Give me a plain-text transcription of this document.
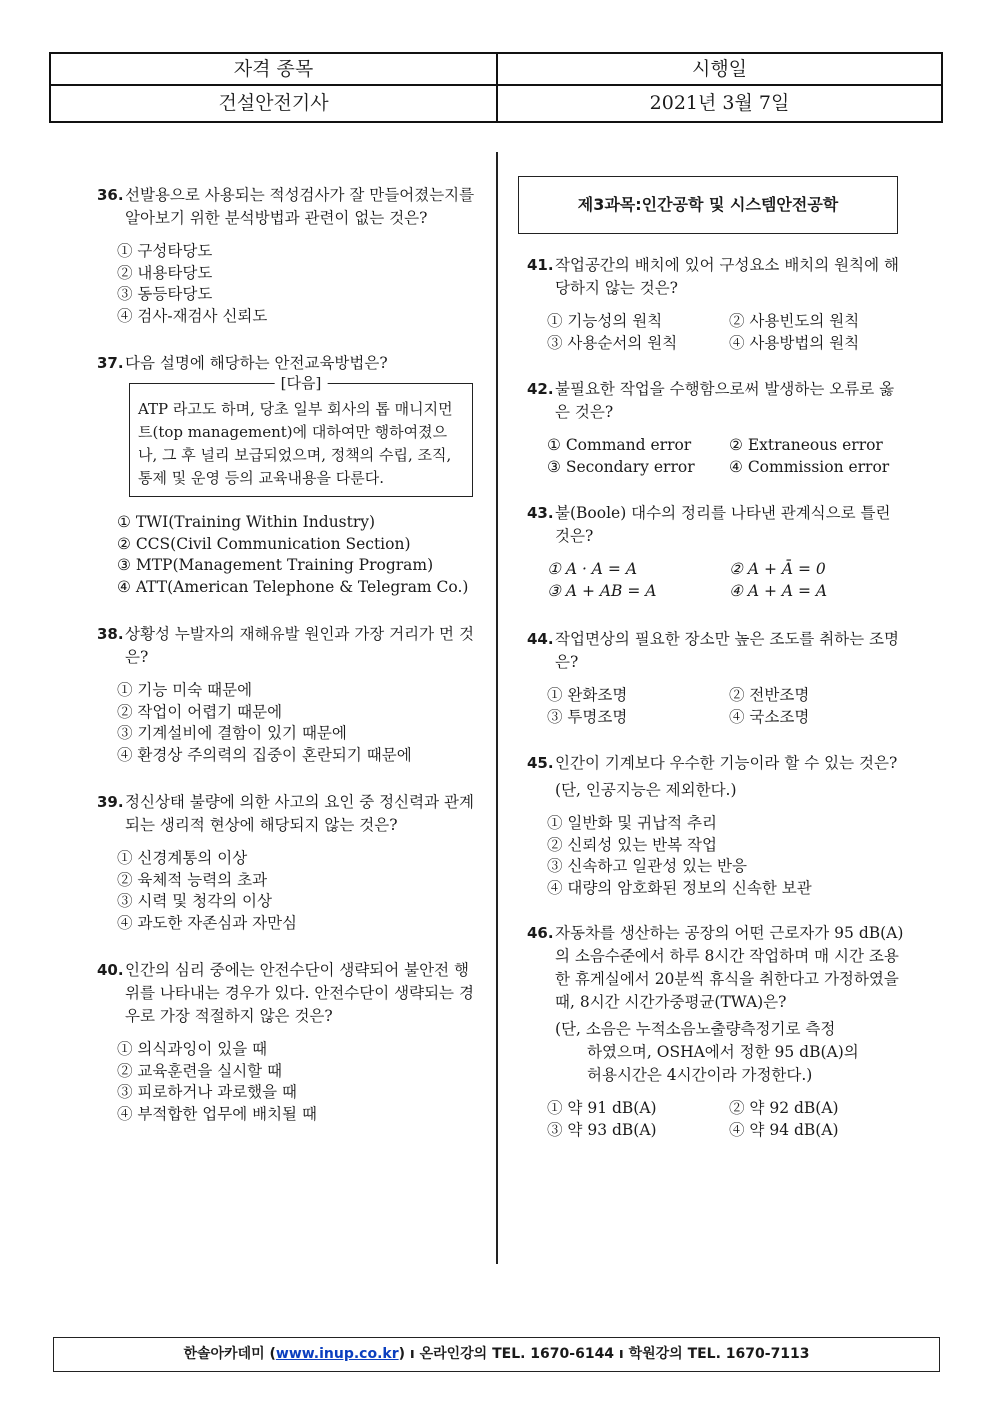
자격 종목	시행일
건설안전기사	2021년 3월 7일
36. 선발용으로 사용되는 적성검사가 잘 만들어졌는지를 알아보기 위한 분석방법과 관련이 없는 것은?
① 구성타당도
② 내용타당도
③ 동등타당도
④ 검사-재검사 신뢰도
37. 다음 설명에 해당하는 안전교육방법은?
[다음]
ATP 라고도 하며, 당초 일부 회사의 톱 매니지먼트(top management)에 대하여만 행하여졌으나, 그 후 널리 보급되었으며, 정책의 수립, 조직, 통제 및 운영 등의 교육내용을 다룬다.
① TWI(Training Within Industry)
② CCS(Civil Communication Section)
③ MTP(Management Training Program)
④ ATT(American Telephone & Telegram Co.)
38. 상황성 누발자의 재해유발 원인과 가장 거리가 먼 것은?
① 기능 미숙 때문에
② 작업이 어렵기 때문에
③ 기계설비에 결함이 있기 때문에
④ 환경상 주의력의 집중이 혼란되기 때문에
39. 정신상태 불량에 의한 사고의 요인 중 정신력과 관계되는 생리적 현상에 해당되지 않는 것은?
① 신경계통의 이상
② 육체적 능력의 초과
③ 시력 및 청각의 이상
④ 과도한 자존심과 자만심
40. 인간의 심리 중에는 안전수단이 생략되어 불안전 행위를 나타내는 경우가 있다. 안전수단이 생략되는 경우로 가장 적절하지 않은 것은?
① 의식과잉이 있을 때
② 교육훈련을 실시할 때
③ 피로하거나 과로했을 때
④ 부적합한 업무에 배치될 때
제3과목:인간공학 및 시스템안전공학
41. 작업공간의 배치에 있어 구성요소 배치의 원칙에 해당하지 않는 것은?
① 기능성의 원칙	② 사용빈도의 원칙
③ 사용순서의 원칙	④ 사용방법의 원칙
42. 불필요한 작업을 수행함으로써 발생하는 오류로 옳은 것은?
① Command error	② Extraneous error
③ Secondary error	④ Commission error
43. 불(Boole) 대수의 정리를 나타낸 관계식으로 틀린 것은?
① A · A = A	② A + Ā = 0
③ A + AB = A	④ A + A = A
44. 작업면상의 필요한 장소만 높은 조도를 취하는 조명은?
① 완화조명	② 전반조명
③ 투명조명	④ 국소조명
45. 인간이 기계보다 우수한 기능이라 할 수 있는 것은?
(단, 인공지능은 제외한다.)
① 일반화 및 귀납적 추리
② 신뢰성 있는 반복 작업
③ 신속하고 일관성 있는 반응
④ 대량의 암호화된 정보의 신속한 보관
46. 자동차를 생산하는 공장의 어떤 근로자가 95 dB(A)의 소음수준에서 하루 8시간 작업하며 매 시간 조용한 휴게실에서 20분씩 휴식을 취한다고 가정하였을 때, 8시간 시간가중평균(TWA)은?
(단, 소음은 누적소음노출량측정기로 측정
하였으며, OSHA에서 정한 95 dB(A)의
허용시간은 4시간이라 가정한다.)
① 약 91 dB(A)	② 약 92 dB(A)
③ 약 93 dB(A)	④ 약 94 dB(A)
한솔아카데미 (www.inup.co.kr) ı 온라인강의 TEL. 1670-6144 ı 학원강의 TEL. 1670-7113
